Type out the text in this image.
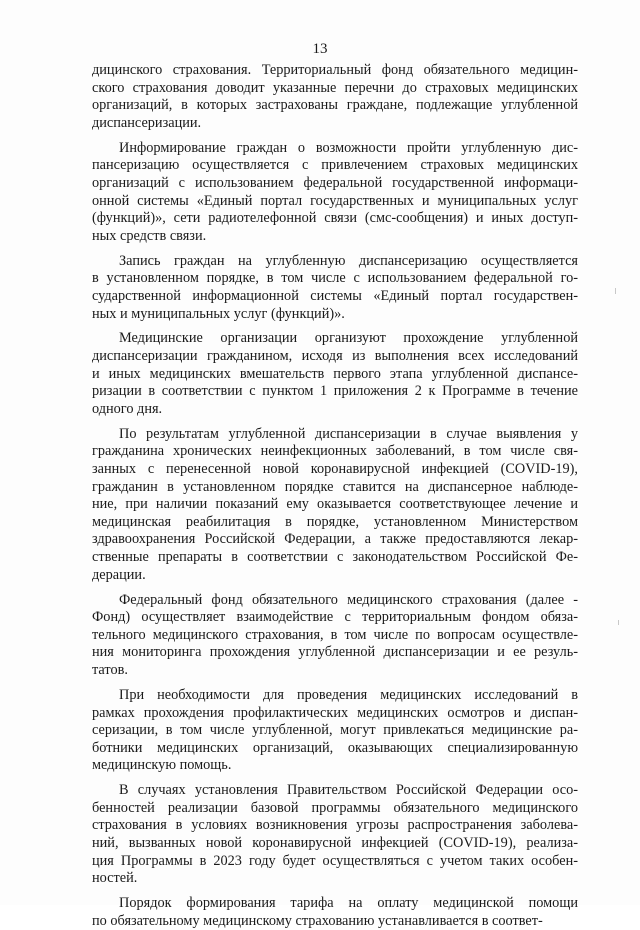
13
дицинского страхования. Территориальный фонд обязательного медицин-
ского страхования доводит указанные перечни до страховых медицинских
организаций, в которых застрахованы граждане, подлежащие углубленной
диспансеризации.
Информирование граждан о возможности пройти углубленную дис-
пансеризацию осуществляется с привлечением страховых медицинских
организаций с использованием федеральной государственной информаци-
онной системы «Единый портал государственных и муниципальных услуг
(функций)», сети радиотелефонной связи (смс-сообщения) и иных доступ-
ных средств связи.
Запись граждан на углубленную диспансеризацию осуществляется
в установленном порядке, в том числе с использованием федеральной го-
сударственной информационной системы «Единый портал государствен-
ных и муниципальных услуг (функций)».
Медицинские организации организуют прохождение углубленной
диспансеризации гражданином, исходя из выполнения всех исследований
и иных медицинских вмешательств первого этапа углубленной диспансе-
ризации в соответствии с пунктом 1 приложения 2 к Программе в течение
одного дня.
По результатам углубленной диспансеризации в случае выявления у
гражданина хронических неинфекционных заболеваний, в том числе свя-
занных с перенесенной новой коронавирусной инфекцией (COVID-19),
гражданин в установленном порядке ставится на диспансерное наблюде-
ние, при наличии показаний ему оказывается соответствующее лечение и
медицинская реабилитация в порядке, установленном Министерством
здравоохранения Российской Федерации, а также предоставляются лекар-
ственные препараты в соответствии с законодательством Российской Фе-
дерации.
Федеральный фонд обязательного медицинского страхования (далее -
Фонд) осуществляет взаимодействие с территориальным фондом обяза-
тельного медицинского страхования, в том числе по вопросам осуществле-
ния мониторинга прохождения углубленной диспансеризации и ее резуль-
татов.
При необходимости для проведения медицинских исследований в
рамках прохождения профилактических медицинских осмотров и диспан-
серизации, в том числе углубленной, могут привлекаться медицинские ра-
ботники медицинских организаций, оказывающих специализированную
медицинскую помощь.
В случаях установления Правительством Российской Федерации осо-
бенностей реализации базовой программы обязательного медицинского
страхования в условиях возникновения угрозы распространения заболева-
ний, вызванных новой коронавирусной инфекцией (COVID-19), реализа-
ция Программы в 2023 году будет осуществляться с учетом таких особен-
ностей.
Порядок формирования тарифа на оплату медицинской помощи
по обязательному медицинскому страхованию устанавливается в соответ-
